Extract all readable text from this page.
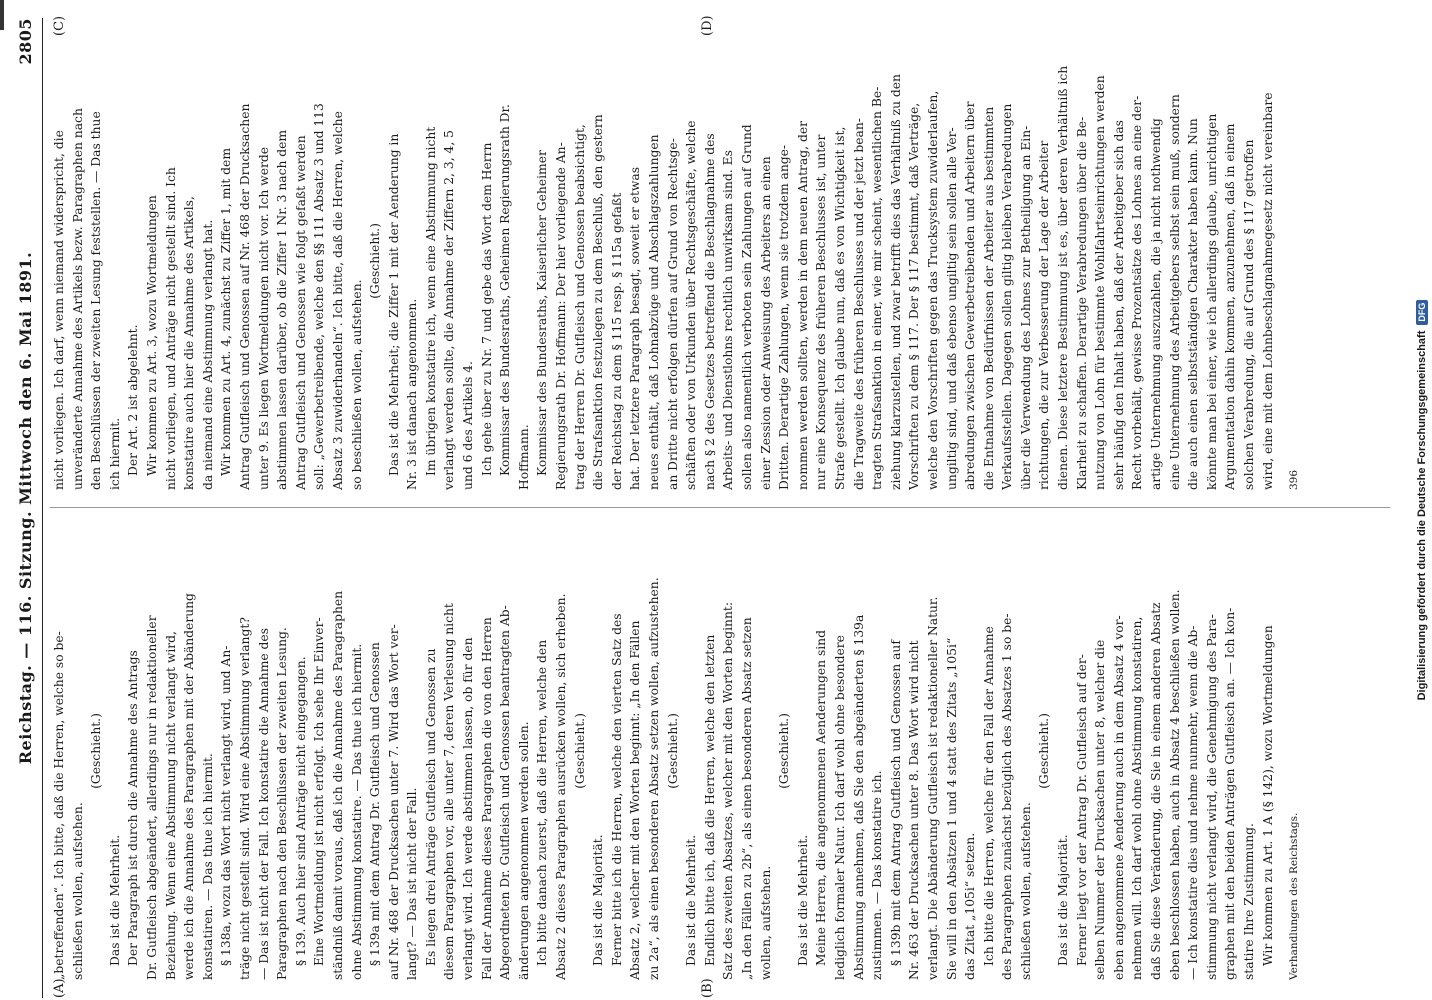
Reichstag. — 116. Sitzung. Mittwoch den 6. Mai 1891.
2805
(A)	(B)
(C)	(D)

„betreffenden“. Ich bitte, daß die Herren, welche so be- schließen wollen, aufstehen.

(Geschieht.)

Das ist die Mehrheit. Der Paragraph ist durch die Annahme des Antrags Dr. Gutfleisch abgeändert, allerdings nur in redaktioneller Beziehung. Wenn eine Abstimmung nicht verlangt wird, werde ich die Annahme des Paragraphen mit der Abänderung konstatiren. — Das thue ich hiermit. § 138a, wozu das Wort nicht verlangt wird, und An- träge nicht gestellt sind. Wird eine Abstimmung verlangt? — Das ist nicht der Fall. Ich konstatire die Annahme des Paragraphen nach den Beschlüssen der zweiten Lesung. § 139. Auch hier sind Anträge nicht eingegangen. Eine Wortmeldung ist nicht erfolgt. Ich sehe Ihr Einver- ständniß damit voraus, daß ich die Annahme des Paragraphen ohne Abstimmung konstatire. — Das thue ich hiermit. § 139a mit dem Antrag Dr. Gutfleisch und Genossen auf Nr. 468 der Drucksachen unter 7. Wird das Wort ver- langt? — Das ist nicht der Fall. Es liegen drei Anträge Gutfleisch und Genossen zu diesem Paragraphen vor, alle unter 7, deren Verlesung nicht verlangt wird. Ich werde abstimmen lassen, ob für den Fall der Annahme dieses Paragraphen die von den Herren Abgeordneten Dr. Gutfleisch und Genossen beantragten Ab- änderungen angenommen werden sollen. Ich bitte danach zuerst, daß die Herren, welche den Absatz 2 dieses Paragraphen ausrücken wollen, sich erheben. (Geschieht.)

Das ist die Majorität. Ferner bitte ich die Herren, welche den vierten Satz des Absatz 2, welcher mit den Worten beginnt: „In den Fällen zu 2a“, als einen besonderen Absatz setzen wollen, aufzustehen. (Geschieht.)

Das ist die Mehrheit. Endlich bitte ich, daß die Herren, welche den letzten Satz des zweiten Absatzes, welcher mit den Worten beginnt: „In den Fällen zu 2b“, als einen besonderen Absatz setzen wollen, aufstehen.

(Geschieht.)

Das ist die Mehrheit. Meine Herren, die angenommenen Aenderungen sind lediglich formaler Natur. Ich darf wohl ohne besondere Abstimmung annehmen, daß Sie den abgeänderten § 139a zustimmen. — Das konstatire ich. § 139b mit dem Antrag Gutfleisch und Genossen auf Nr. 463 der Drucksachen unter 8. Das Wort wird nicht verlangt. Die Abänderung Gutfleisch ist redaktioneller Natur. Sie will in den Absätzen 1 und 4 statt des Zitats „105i“ das Zitat „105i“ setzen. Ich bitte die Herren, welche für den Fall der Annahme des Paragraphen zunächst bezüglich des Absatzes 1 so be- schließen wollen, aufstehen.

(Geschieht.)

Das ist die Majorität. Ferner liegt vor der Antrag Dr. Gutfleisch auf der- selben Nummer der Drucksachen unter 8, welcher die eben angenommene Aenderung auch in dem Absatz 4 vor- nehmen will. Ich darf wohl ohne Abstimmung konstatiren, daß Sie diese Veränderung, die Sie in einem anderen Absatz eben beschlossen haben, auch in Absatz 4 beschließen wollen. — Ich konstatire dies und nehme nunmehr, wenn die Ab- stimmung nicht verlangt wird, die Genehmigung des Para- graphen mit den beiden Anträgen Gutfleisch an. — Ich kon- statire Ihre Zustimmung. Wir kommen zu Art. 1 A (§ 142), wozu Wortmeldungen Verhandlungen des Reichstags.

nicht vorliegen. Ich darf, wenn niemand widerspricht, die unveränderte Annahme des Artikels bezw. Paragraphen nach den Beschlüssen der zweiten Lesung feststellen. — Das thue ich hiermit. Der Art. 2 ist abgelehnt. Wir kommen zu Art. 3, wozu Wortmeldungen nicht vorliegen, und Anträge nicht gestellt sind. Ich konstatire auch hier die Annahme des Artikels, da niemand eine Abstimmung verlangt hat. Wir kommen zu Art. 4, zunächst zu Ziffer 1, mit dem Antrag Gutfleisch und Genossen auf Nr. 468 der Drucksachen unter 9. Es liegen Wortmeldungen nicht vor. Ich werde abstimmen lassen darüber, ob die Ziffer 1 Nr. 3 nach dem Antrag Gutfleisch und Genossen wie folgt gefaßt werden soll: „Gewerbetreibende, welche den §§ 111 Absatz 3 und 113 Absatz 3 zuwiderhandeln“. Ich bitte, daß die Herren, welche so beschließen wollen, aufstehen.

(Geschieht.) Das ist die Mehrheit; die Ziffer 1 mit der Aenderung in Nr. 3 ist danach angenommen. Im übrigen konstatire ich, wenn eine Abstimmung nicht verlangt werden sollte, die Annahme der Ziffern 2, 3, 4, 5 und 6 des Artikels 4. Ich gehe über zu Nr. 7 und gebe das Wort dem Herrn Kommissar des Bundesraths, Geheimen Regierungsrath Dr. Hoffmann. Kommissar des Bundesraths, Kaiserlicher Geheimer Regierungsrath Dr. Hoffmann: Der hier vorliegende An- trag der Herren Dr. Gutfleisch und Genossen beabsichtigt, die Strafsanktion festzulegen zu dem Beschluß, den gestern der Reichstag zu dem § 115 resp. § 115a gefaßt hat. Der letztere Paragraph besagt, soweit er etwas neues enthält, daß Lohnabzüge und Abschlagszahlungen an Dritte nicht erfolgen dürfen auf Grund von Rechtsge- schäften oder von Urkunden über Rechtsgeschäfte, welche nach § 2 des Gesetzes betreffend die Beschlagnahme des Arbeits- und Dienstlohns rechtlich unwirksam sind. Es sollen also namentlich verboten sein Zahlungen auf Grund einer Zession oder Anweisung des Arbeiters an einen Dritten. Derartige Zahlungen, wenn sie trotzdem ange- nommen werden sollten, werden in dem neuen Antrag, der nur eine Konsequenz des früheren Beschlusses ist, unter Strafe gestellt. Ich glaube nun, daß es von Wichtigkeit ist, die Tragweite des früheren Beschlusses und der jetzt bean- tragten Strafsanktion in einer, wie mir scheint, wesentlichen Be- ziehung klarzustellen, und zwar betrifft dies das Verhältniß zu den Vorschriften zu dem § 117. Der § 117 bestimmt, daß Verträge, welche den Vorschriften gegen das Trucksystem zuwiderlaufen, ungiltig sind, und daß ebenso ungiltig sein sollen alle Ver- abredungen zwischen Gewerbetreibenden und Arbeitern über die Entnahme von Bedürfnissen der Arbeiter aus bestimmten Verkaufsstellen. Dagegen sollen giltig bleiben Verabredungen über die Verwendung des Lohnes zur Betheiligung an Ein- richtungen, die zur Verbesserung der Lage der Arbeiter dienen. Diese letztere Bestimmung ist es, über deren Verhältniß ich Klarheit zu schaffen. Derartige Verabredungen über die Be- nutzung von Lohn für bestimmte Wohlfahrtseinrichtungen werden sehr häufig den Inhalt haben, daß der Arbeitgeber sich das Recht vorbehält, gewisse Prozentsätze des Lohnes an eine der- artige Unternehmung auszuzahlen, die ja nicht nothwendig eine Unternehmung des Arbeitgebers selbst sein muß, sondern die auch einen selbstständigen Charakter haben kann. Nun könnte man bei einer, wie ich allerdings glaube, unrichtigen Argumentation dahin kommen, anzunehmen, daß in einem solchen Verabredung, die auf Grund des § 117 getroffen wird, eine mit dem Lohnbeschlagnahmegesetz nicht vereinbare 396	Digitalisierung gefördert durch die Deutsche Forschungsgemeinschaft
DFG
